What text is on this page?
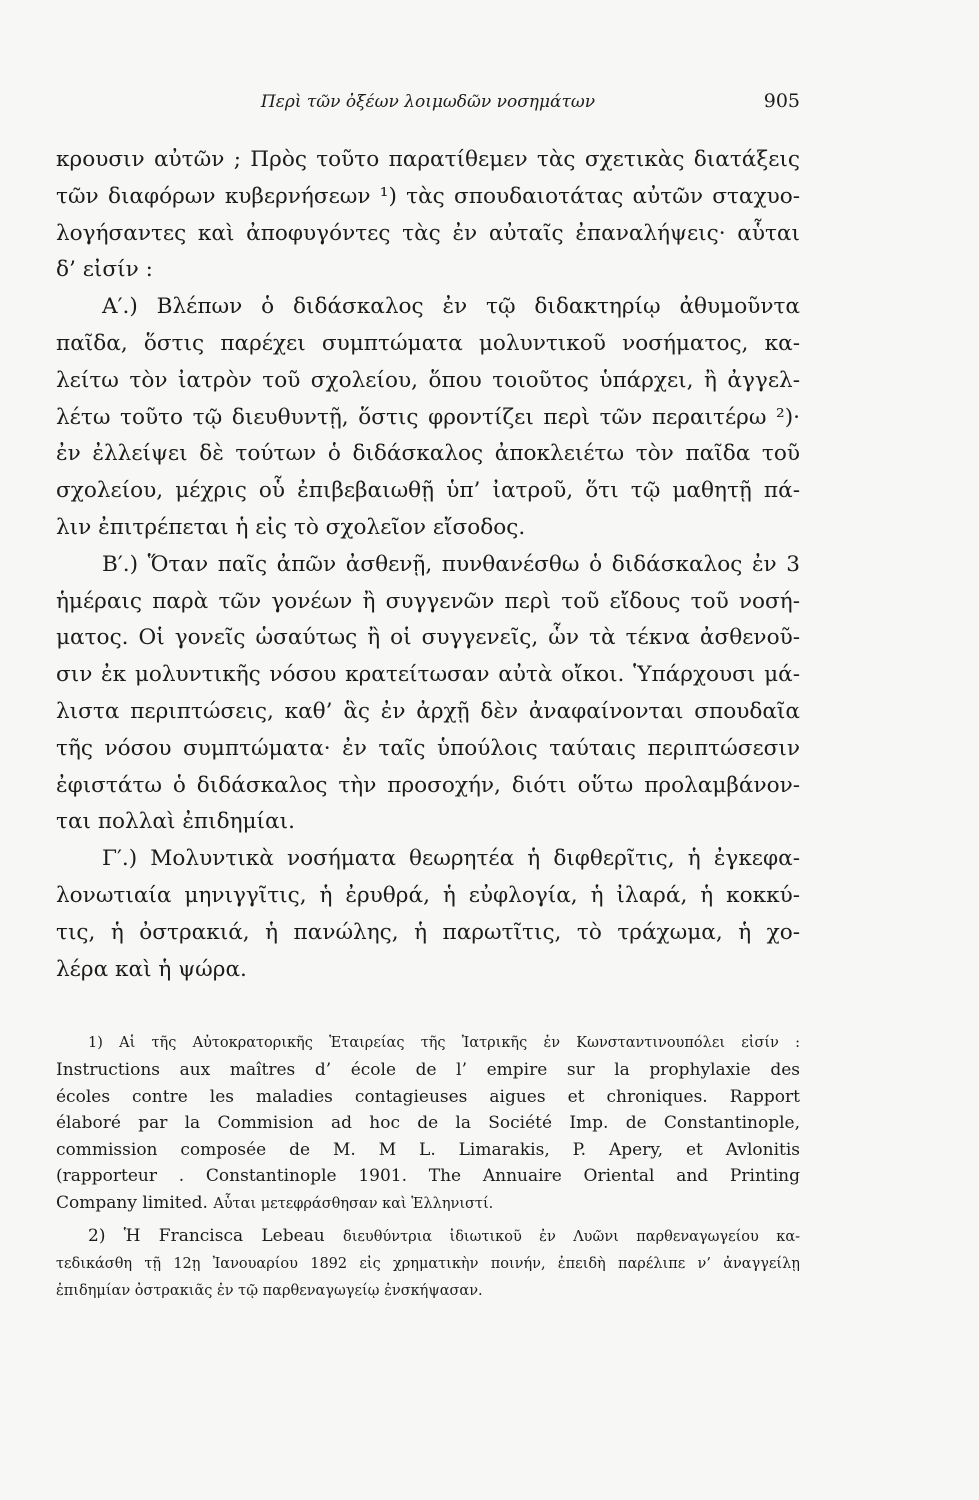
Περὶ τῶν ὀξέων λοιμωδῶν νοσημάτων	905
κρουσιν αὐτῶν ; Πρὸς τοῦτο παρατίθεμεν τὰς σχετικὰς διατάξεις
τῶν διαφόρων κυβερνήσεων ¹) τὰς σπουδαιοτάτας αὐτῶν σταχυο-
λογήσαντες καὶ ἀποφυγόντες τὰς ἐν αὐταῖς ἐπαναλήψεις· αὗται
δ’ εἰσίν :
Α′.) Βλέπων ὁ διδάσκαλος ἐν τῷ διδακτηρίῳ ἀθυμοῦντα
παῖδα, ὅστις παρέχει συμπτώματα μολυντικοῦ νοσήματος, κα-
λείτω τὸν ἰατρὸν τοῦ σχολείου, ὅπου τοιοῦτος ὑπάρχει, ἢ ἀγγελ-
λέτω τοῦτο τῷ διευθυντῇ, ὅστις φροντίζει περὶ τῶν περαιτέρω ²)·
ἐν ἐλλείψει δὲ τούτων ὁ διδάσκαλος ἀποκλειέτω τὸν παῖδα τοῦ
σχολείου, μέχρις οὗ ἐπιβεβαιωθῇ ὑπ’ ἰατροῦ, ὅτι τῷ μαθητῇ πά-
λιν ἐπιτρέπεται ἡ εἰς τὸ σχολεῖον εἴσοδος.
Β′.) Ὅταν παῖς ἀπῶν ἀσθενῇ, πυνθανέσθω ὁ διδάσκαλος ἐν 3
ἡμέραις παρὰ τῶν γονέων ἢ συγγενῶν περὶ τοῦ εἴδους τοῦ νοσή-
ματος. Οἱ γονεῖς ὡσαύτως ἢ οἱ συγγενεῖς, ὧν τὰ τέκνα ἀσθενοῦ-
σιν ἐκ μολυντικῆς νόσου κρατείτωσαν αὐτὰ οἴκοι. Ὑπάρχουσι μά-
λιστα περιπτώσεις, καθ’ ἃς ἐν ἀρχῇ δὲν ἀναφαίνονται σπουδαῖα
τῆς νόσου συμπτώματα· ἐν ταῖς ὑπούλοις ταύταις περιπτώσεσιν
ἐφιστάτω ὁ διδάσκαλος τὴν προσοχήν, διότι οὕτω προλαμβάνον-
ται πολλαὶ ἐπιδημίαι.
Γ′.) Μολυντικὰ νοσήματα θεωρητέα ἡ διφθερῖτις, ἡ ἐγκεφα-
λονωτιαία μηνιγγῖτις, ἡ ἐρυθρά, ἡ εὐφλογία, ἡ ἰλαρά, ἡ κοκκύ-
τις, ἡ ὀστρακιά, ἡ πανώλης, ἡ παρωτῖτις, τὸ τράχωμα, ἡ χο-
λέρα καὶ ἡ ψώρα.
1) Αἱ τῆς Αὐτοκρατορικῆς Ἑταιρείας τῆς Ἰατρικῆς ἐν Κωνσταντινουπόλει εἰσίν :
Instructions aux maîtres d’ école de l’ empire sur la prophylaxie des
écoles contre les maladies contagieuses aigues et chroniques. Rapport
élaboré par la Commision ad hoc de la Société Imp. de Constantinople,
commission composée de M. M L. Limarakis, P. Apery, et Avlonitis
(rapporteur . Constantinople 1901. The Annuaire Oriental and Printing
Company limited. Αὗται μετεφράσθησαν καὶ Ἑλληνιστί.
2) Ἡ Francisca Lebeau διευθύντρια ἰδιωτικοῦ ἐν Λυῶνι παρθεναγωγείου κα-
τεδικάσθη τῇ 12ῃ Ἰανουαρίου 1892 εἰς χρηματικὴν ποινήν, ἐπειδὴ παρέλιπε ν’ ἀναγγείλῃ
ἐπιδημίαν ὀστρακιᾶς ἐν τῷ παρθεναγωγείῳ ἐνσκήψασαν.
